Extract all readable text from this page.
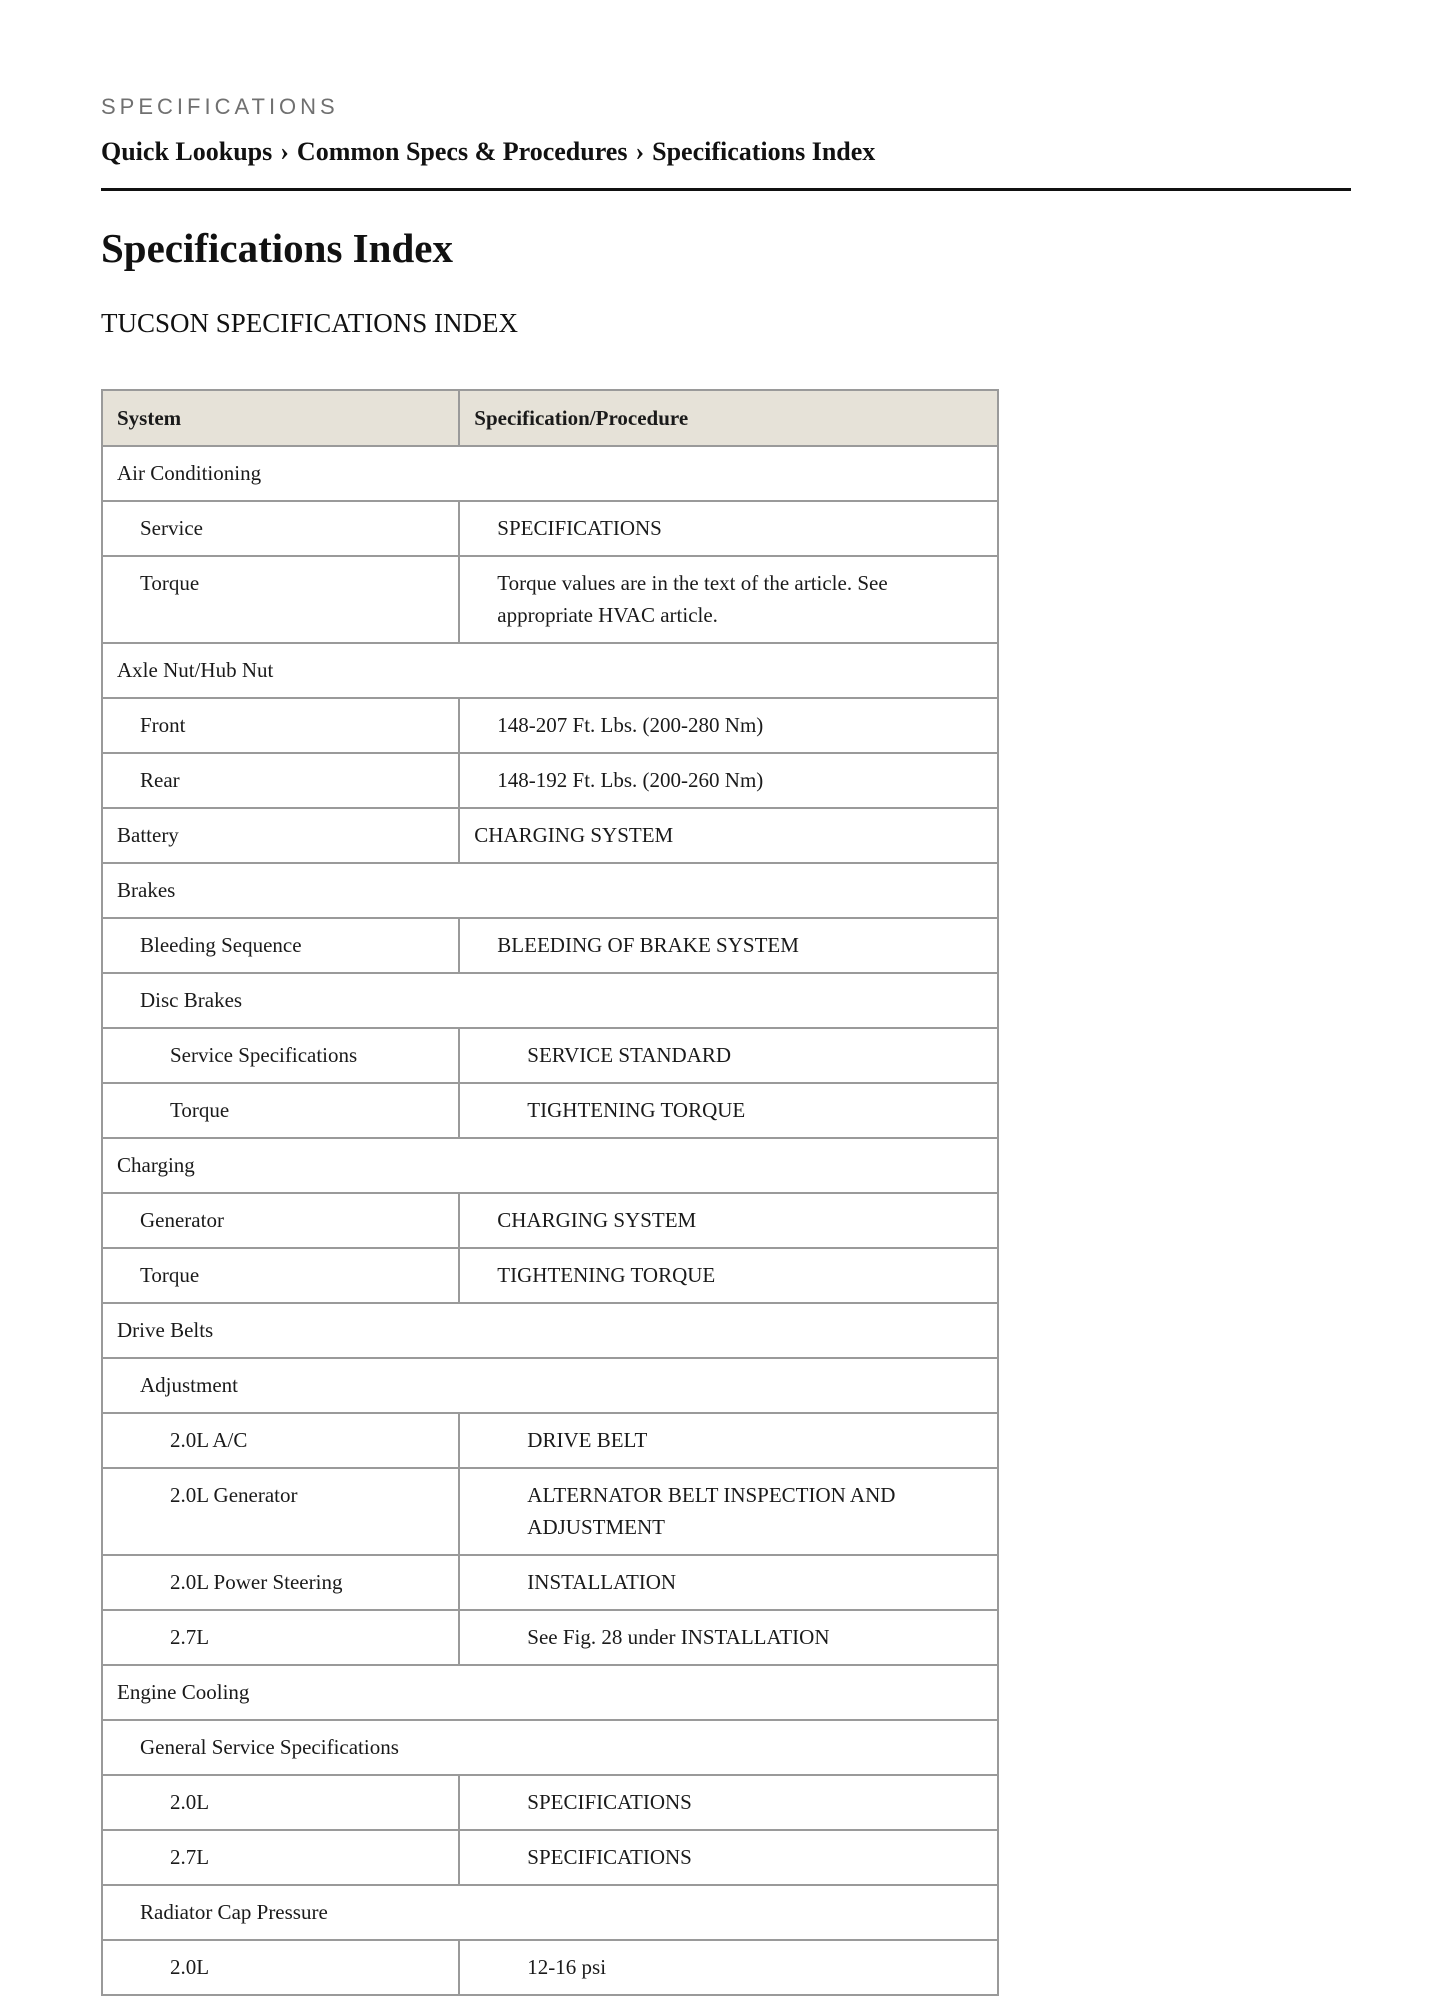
SPECIFICATIONS
Quick Lookups › Common Specs & Procedures › Specifications Index
Specifications Index
TUCSON SPECIFICATIONS INDEX
System	Specification/Procedure
Air Conditioning	
Service	SPECIFICATIONS
Torque	Torque values are in the text of the article. See appropriate HVAC article.
Axle Nut/Hub Nut	
Front	148-207 Ft. Lbs. (200-280 Nm)
Rear	148-192 Ft. Lbs. (200-260 Nm)
Battery	CHARGING SYSTEM
Brakes	
Bleeding Sequence	BLEEDING OF BRAKE SYSTEM
Disc Brakes	
Service Specifications	SERVICE STANDARD
Torque	TIGHTENING TORQUE
Charging	
Generator	CHARGING SYSTEM
Torque	TIGHTENING TORQUE
Drive Belts	
Adjustment	
2.0L A/C	DRIVE BELT
2.0L Generator	ALTERNATOR BELT INSPECTION AND ADJUSTMENT
2.0L Power Steering	INSTALLATION
2.7L	See Fig. 28 under INSTALLATION
Engine Cooling	
General Service Specifications	
2.0L	SPECIFICATIONS
2.7L	SPECIFICATIONS
Radiator Cap Pressure	
2.0L	12-16 psi
